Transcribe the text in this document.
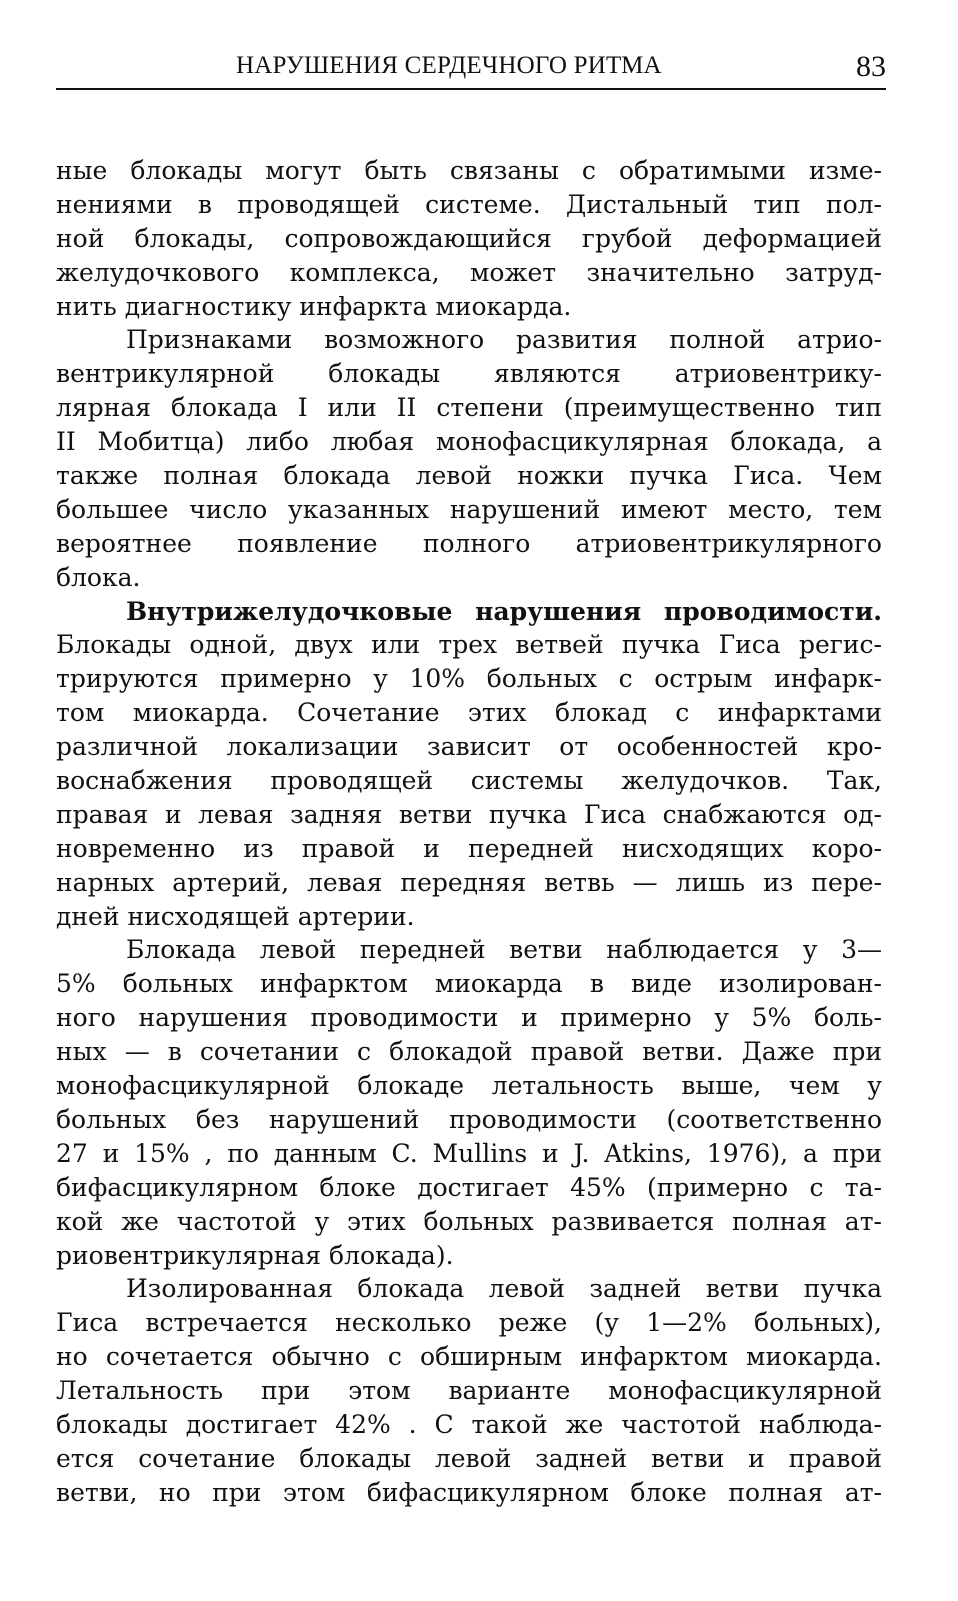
НАРУШЕНИЯ СЕРДЕЧНОГО РИТМА	83
ные блокады могут быть связаны с обратимыми изме-
нениями в проводящей системе. Дистальный тип пол-
ной блокады, сопровождающийся грубой деформацией
желудочкового комплекса, может значительно затруд-
нить диагностику инфаркта миокарда.
Признаками возможного развития полной атрио-
вентрикулярной блокады являются атриовентрику-
лярная блокада I или II степени (преимущественно тип
II Мобитца) либо любая монофасцикулярная блокада, а
также полная блокада левой ножки пучка Гиса. Чем
большее число указанных нарушений имеют место, тем
вероятнее появление полного атриовентрикулярного
блока.
Внутрижелудочковые нарушения проводимости.
Блокады одной, двух или трех ветвей пучка Гиса регис-
трируются примерно у 10% больных с острым инфарк-
том миокарда. Сочетание этих блокад с инфарктами
различной локализации зависит от особенностей кро-
воснабжения проводящей системы желудочков. Так,
правая и левая задняя ветви пучка Гиса снабжаются од-
новременно из правой и передней нисходящих коро-
нарных артерий, левая передняя ветвь — лишь из пере-
дней нисходящей артерии.
Блокада левой передней ветви наблюдается у 3—
5% больных инфарктом миокарда в виде изолирован-
ного нарушения проводимости и примерно у 5% боль-
ных — в сочетании с блокадой правой ветви. Даже при
монофасцикулярной блокаде летальность выше, чем у
больных без нарушений проводимости (соответственно
27 и 15% , по данным C. Mullins и J. Atkins, 1976), а при
бифасцикулярном блоке достигает 45% (примерно с та-
кой же частотой у этих больных развивается полная ат-
риовентрикулярная блокада).
Изолированная блокада левой задней ветви пучка
Гиса встречается несколько реже (у 1—2% больных),
но сочетается обычно с обширным инфарктом миокарда.
Летальность при этом варианте монофасцикулярной
блокады достигает 42% . С такой же частотой наблюда-
ется сочетание блокады левой задней ветви и правой
ветви, но при этом бифасцикулярном блоке полная ат-
